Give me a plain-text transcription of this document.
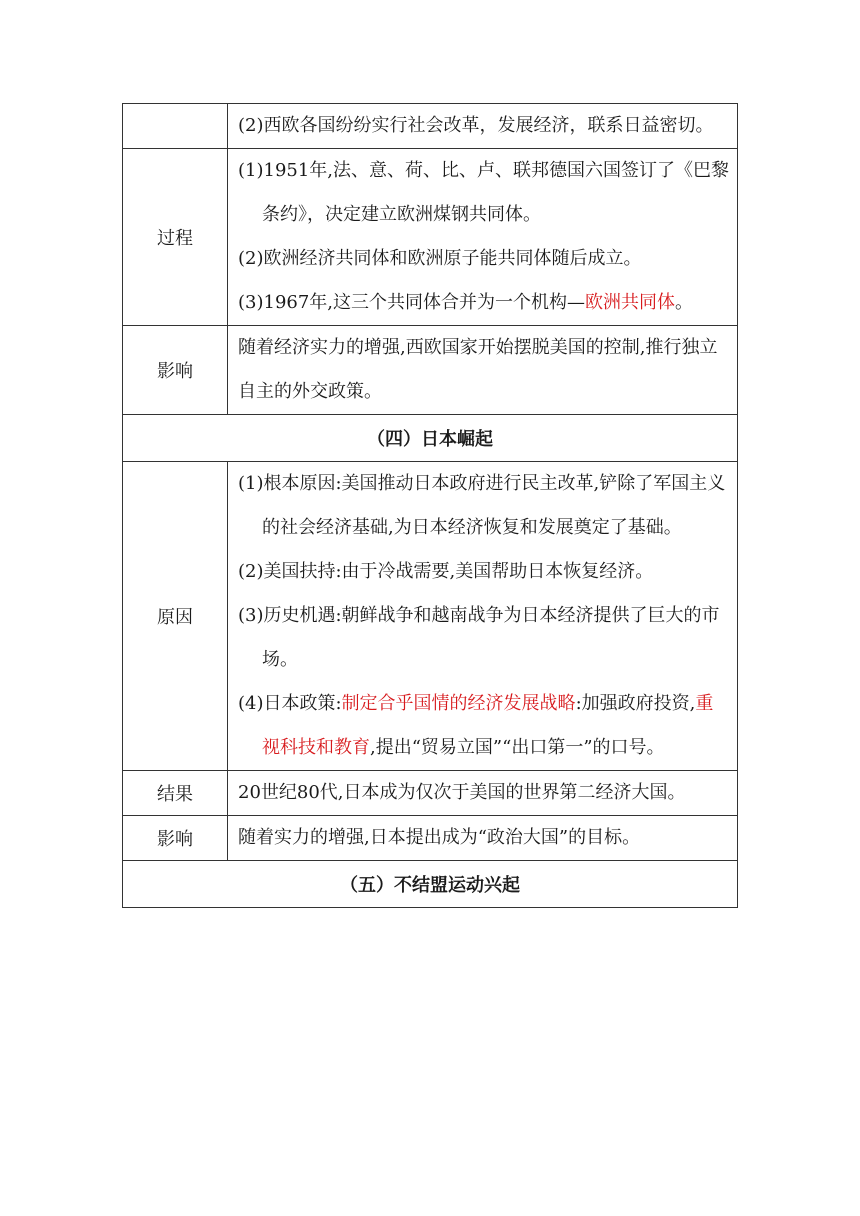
	(2)西欧各国纷纷实行社会改革，发展经济，联系日益密切。

过程	(1)1951年,法、意、荷、比、卢、联邦德国六国签订了《巴黎条约》，决定建立欧洲煤钢共同体。
(2)欧洲经济共同体和欧洲原子能共同体随后成立。
(3)1967年,这三个共同体合并为一个机构—欧洲共同体。

影响	随着经济实力的增强,西欧国家开始摆脱美国的控制,推行独立自主的外交政策。

（四）日本崛起	
原因	(1)根本原因:美国推动日本政府进行民主改革,铲除了军国主义的社会经济基础,为日本经济恢复和发展奠定了基础。
(2)美国扶持:由于冷战需要,美国帮助日本恢复经济。
(3)历史机遇:朝鲜战争和越南战争为日本经济提供了巨大的市场。
(4)日本政策:制定合乎国情的经济发展战略:加强政府投资,重视科技和教育,提出“贸易立国”“出口第一”的口号。

结果	20世纪80代,日本成为仅次于美国的世界第二经济大国。

影响	随着实力的增强,日本提出成为“政治大国”的目标。

（五）不结盟运动兴起	
